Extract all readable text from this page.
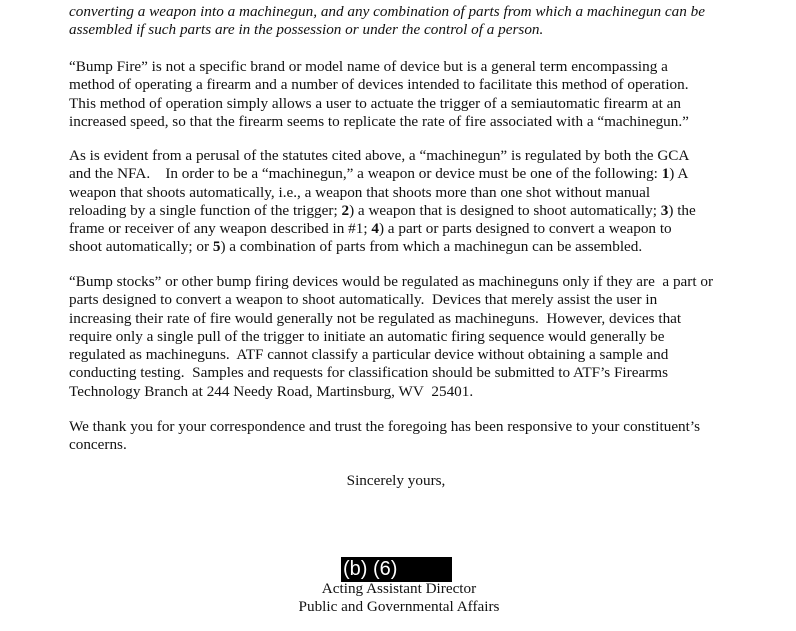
converting a weapon into a machinegun, and any combination of parts from which a machinegun can be
assembled if such parts are in the possession or under the control of a person.

“Bump Fire” is not a specific brand or model name of device but is a general term encompassing a
method of operating a firearm and a number of devices intended to facilitate this method of operation.
This method of operation simply allows a user to actuate the trigger of a semiautomatic firearm at an
increased speed, so that the firearm seems to replicate the rate of fire associated with a “machinegun.”

As is evident from a perusal of the statutes cited above, a “machinegun” is regulated by both the GCA
and the NFA.    In order to be a “machinegun,” a weapon or device must be one of the following: 1) A
weapon that shoots automatically, i.e., a weapon that shoots more than one shot without manual
reloading by a single function of the trigger; 2) a weapon that is designed to shoot automatically; 3) the
frame or receiver of any weapon described in #1; 4) a part or parts designed to convert a weapon to
shoot automatically; or 5) a combination of parts from which a machinegun can be assembled.

“Bump stocks” or other bump firing devices would be regulated as machineguns only if they are  a part or
parts designed to convert a weapon to shoot automatically.  Devices that merely assist the user in
increasing their rate of fire would generally not be regulated as machineguns.  However, devices that
require only a single pull of the trigger to initiate an automatic firing sequence would generally be
regulated as machineguns.  ATF cannot classify a particular device without obtaining a sample and
conducting testing.  Samples and requests for classification should be submitted to ATF’s Firearms
Technology Branch at 244 Needy Road, Martinsburg, WV  25401.

We thank you for your correspondence and trust the foregoing has been responsive to your constituent’s
concerns.

Sincerely yours,

(b) (6)

Acting Assistant Director

Public and Governmental Affairs
